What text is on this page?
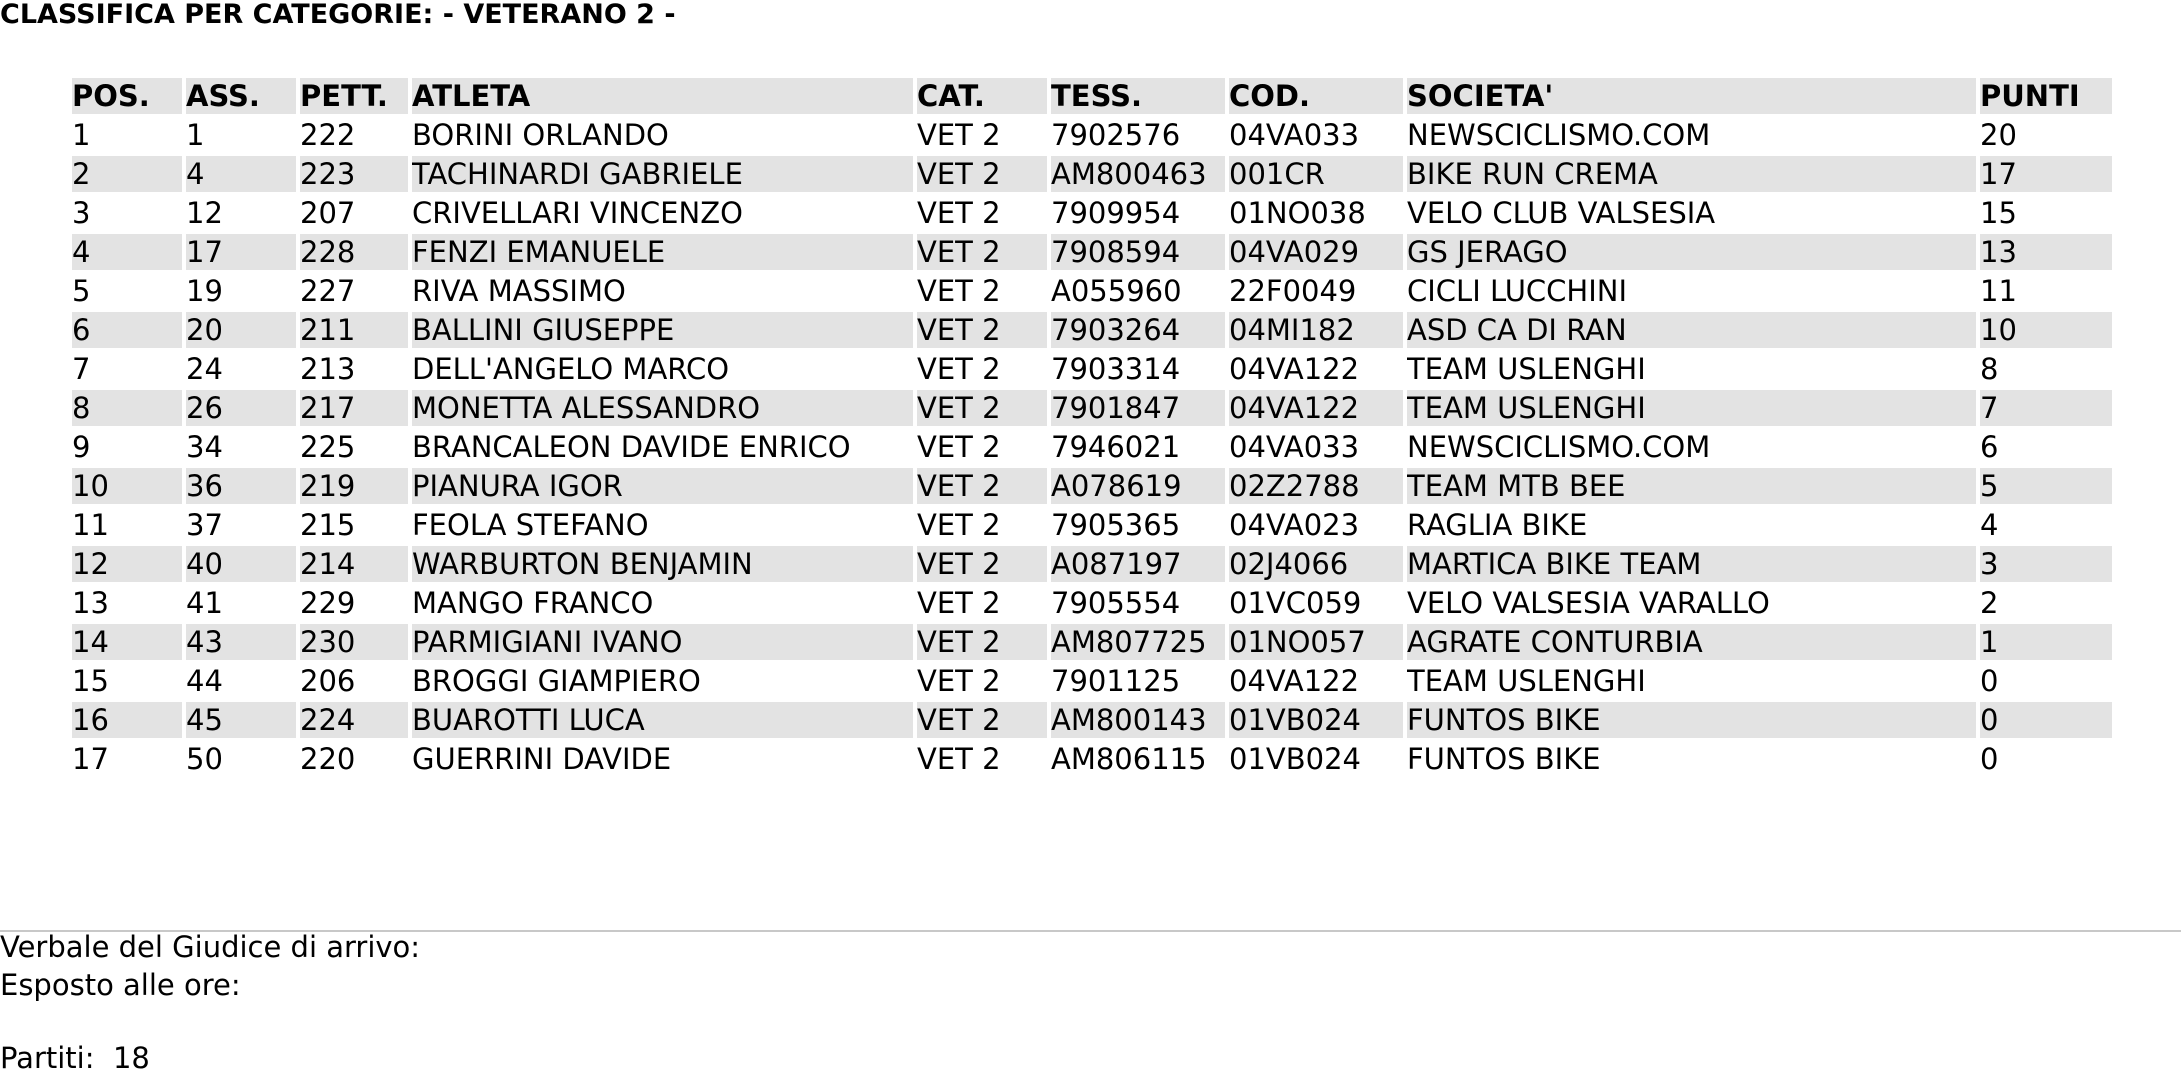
CLASSIFICA PER CATEGORIE: - VETERANO 2 -
POS.	ASS.	PETT.	ATLETA	CAT.	TESS.	COD.	SOCIETA'	PUNTI
1	1	222	BORINI ORLANDO	VET 2	7902576	04VA033	NEWSCICLISMO.COM	20
2	4	223	TACHINARDI GABRIELE	VET 2	AM800463	001CR	BIKE RUN CREMA	17
3	12	207	CRIVELLARI VINCENZO	VET 2	7909954	01NO038	VELO CLUB VALSESIA	15
4	17	228	FENZI EMANUELE	VET 2	7908594	04VA029	GS JERAGO	13
5	19	227	RIVA MASSIMO	VET 2	A055960	22F0049	CICLI LUCCHINI	11
6	20	211	BALLINI GIUSEPPE	VET 2	7903264	04MI182	ASD CA DI RAN	10
7	24	213	DELL'ANGELO MARCO	VET 2	7903314	04VA122	TEAM USLENGHI	8
8	26	217	MONETTA ALESSANDRO	VET 2	7901847	04VA122	TEAM USLENGHI	7
9	34	225	BRANCALEON DAVIDE ENRICO	VET 2	7946021	04VA033	NEWSCICLISMO.COM	6
10	36	219	PIANURA IGOR	VET 2	A078619	02Z2788	TEAM MTB BEE	5
11	37	215	FEOLA STEFANO	VET 2	7905365	04VA023	RAGLIA BIKE	4
12	40	214	WARBURTON BENJAMIN	VET 2	A087197	02J4066	MARTICA BIKE TEAM	3
13	41	229	MANGO FRANCO	VET 2	7905554	01VC059	VELO VALSESIA VARALLO	2
14	43	230	PARMIGIANI IVANO	VET 2	AM807725	01NO057	AGRATE CONTURBIA	1
15	44	206	BROGGI GIAMPIERO	VET 2	7901125	04VA122	TEAM USLENGHI	0
16	45	224	BUAROTTI LUCA	VET 2	AM800143	01VB024	FUNTOS BIKE	0
17	50	220	GUERRINI DAVIDE	VET 2	AM806115	01VB024	FUNTOS BIKE	0
Verbale del Giudice di arrivo:
Esposto alle ore:
Partiti: 18
